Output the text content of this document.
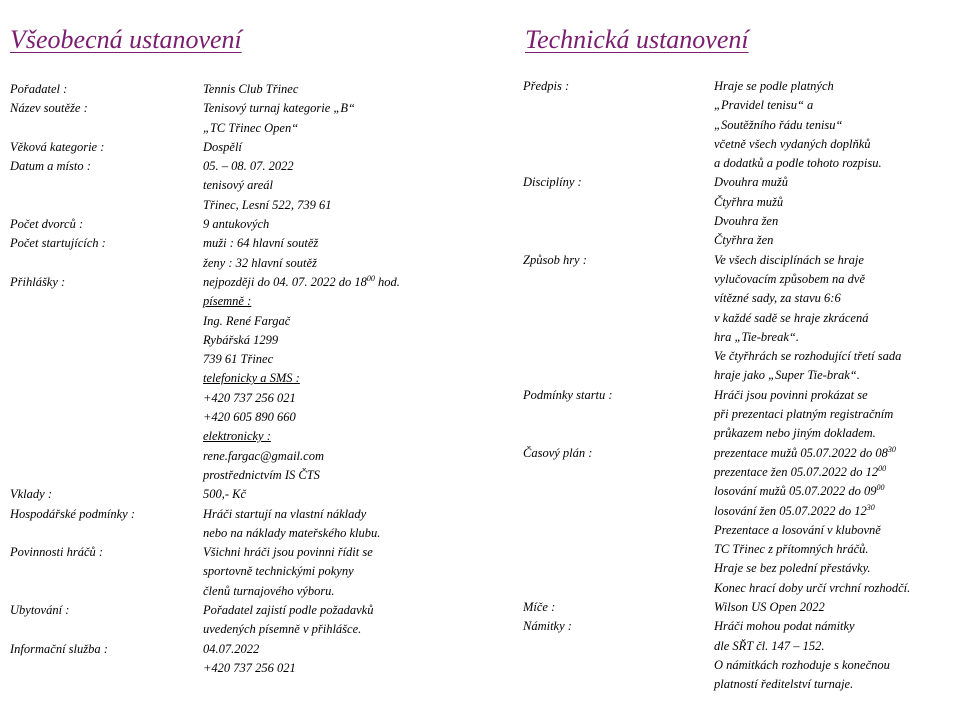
Všeobecná ustanovení	Technická ustanovení
Pořadatel :	Tennis Club Třinec
Název soutěže :	Tenisový turnaj kategorie „B“
„TC Třinec Open“
Věková kategorie :	Dospělí
Datum a místo :	05. – 08. 07. 2022
tenisový areál
Třinec, Lesní 522, 739 61
Počet dvorců :	9 antukových
Počet startujících :	muži : 64 hlavní soutěž
ženy : 32 hlavní soutěž
Přihlášky :	nejpozději do 04. 07. 2022 do $18^{00}$ hod.
písemně :
Ing. René Fargač
Rybářská 1299
739 61 Třinec
telefonicky a SMS :
+420 737 256 021
+420 605 890 660
elektronicky :
rene.fargac@gmail.com
prostřednictvím IS ČTS
Vklady :	500,- Kč
Hospodářské podmínky :	Hráči startují na vlastní náklady
nebo na náklady mateřského klubu.
Povinnosti hráčů :	Všichni hráči jsou povinni řídit se
sportovně technickými pokyny
členů turnajového výboru.
Ubytování :	Pořadatel zajistí podle požadavků
uvedených písemně v přihlášce.
Informační služba :	04.07.2022
+420 737 256 021
Předpis :	Hraje se podle platných
„Pravidel tenisu“ a
„Soutěžního řádu tenisu“
včetně všech vydaných doplňků
a dodatků a podle tohoto rozpisu.
Disciplíny :	Dvouhra mužů
Čtyřhra mužů
Dvouhra žen
Čtyřhra žen
Způsob hry :	Ve všech disciplínách se hraje
vylučovacím způsobem na dvě
vítězné sady, za stavu 6:6
v každé sadě se hraje zkrácená
hra „Tie-break“.
Ve čtyřhrách se rozhodující třetí sada
hraje jako „Super Tie-brak“.
Podmínky startu :	Hráči jsou povinni prokázat se
při prezentaci platným registračním
průkazem nebo jiným dokladem.
Časový plán :	prezentace mužů 05.07.2022 do $08^{30}$
prezentace žen 05.07.2022 do $12^{00}$
losování mužů 05.07.2022 do $09^{00}$
losování žen 05.07.2022 do $12^{30}$
Prezentace a losování v klubovně
TC Třinec z přítomných hráčů.
Hraje se bez polední přestávky.
Konec hrací doby určí vrchní rozhodčí.
Míče :	Wilson US Open 2022
Námitky :	Hráči mohou podat námitky
dle SŘT čl. 147 – 152.
O námitkách rozhoduje s konečnou
platností ředitelství turnaje.
